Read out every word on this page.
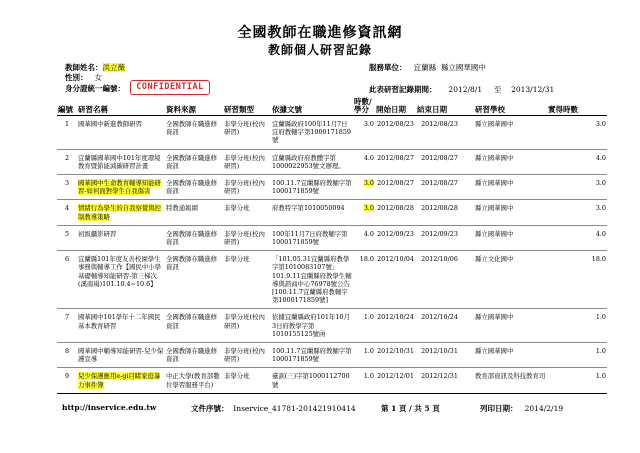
全國教師在職進修資訊網
教師個人研習記錄
教師姓名：洪立薇
性別： 女
身分證統一編號：	CONFIDENTIAL
服務單位： 宜蘭縣 縣立國華國中
此表研習記錄期間： 2012/8/1 至 2013/12/31
編號	研習名稱	資料來源	研習類型	依據文號	時數/學分	開始日期	結束日期	研習學校	實得時數
1	國華國中新進教師研習	全國教師在職進修資訊	非學分班(校內研習)	宜蘭縣政府100年11月7日宜府教輔字第1000171859號	3.0	2012/08/23	2012/08/23	縣立國華國中	3.0
2	宜蘭縣國華國中101年度環境教育暨節能減碳研習計畫	全國教師在職進修資訊	非學分班(校內研習)	宜蘭縣政府府教體字第1000022953號文辦理。	4.0	2012/08/27	2012/08/27	縣立國華國中	4.0
3	國華國中生命教育輔導知能研習-如何面對學生自我傷害	全國教師在職進修資訊	非學分班(校內研習)	100.11.7宜蘭縣府教輔字第1000171859號	3.0	2012/08/27	2012/08/27	縣立國華國中	3.0
4	情緒行為學生的自我察覺與控制教導策略	特教通報網	非學分班	府教特字第1010050094	3.0	2012/08/28	2012/08/28	縣立國華國中	3.0
5	初級攝影研習	全國教師在職進修資訊	非學分班(校內研習)	100年11月7日府教輔字第1000171859號	4.0	2012/09/23	2012/09/23	縣立國華國中	4.0
6	宜蘭縣101年度友善校園學生事務與輔導工作【國民中小學基礎輔導知能研習-第三梯次(溪南場)101.10.4~10.6】	全國教師在職進修資訊	非學分班	「101.05.31宜蘭縣府教學字第1010083107號」101.9.11宜蘭縣府教學生輔導與諮商中心76978號公告[100.11.7宜蘭縣府教輔字第1000171859號]	18.0	2012/10/04	2012/10/06	縣立文化國中	18.0
7	國華國中101學年十二年國民基本教育研習	全國教師在職進修資訊	非學分班(校內研習)	依據宜蘭縣政府101年10月3日府教學字第1010155125號函	1.0	2012/10/24	2012/10/24	縣立國華國中	1.0
8	國華國中輔導知能研習-兒少保護宣導	全國教師在職進修資訊	非學分班(校內研習)	100.11.7宜蘭縣府教輔字第1000171859號	1.0	2012/10/31	2012/10/31	縣立國華國中	1.0
9	兒少保護應用e-gi目睹家庭暴力事件簿	中正大學(教育部數位學習服務平台)	非學分班	臺訓(三)字第1000112700號	1.0	2012/12/01	2012/12/31	教育部資訊及科技教育司	1.0
http://inservice.edu.tw	文件序號： Inservice_41781-201421910414	第 1 頁 / 共 5 頁	列印日期： 2014/2/19
